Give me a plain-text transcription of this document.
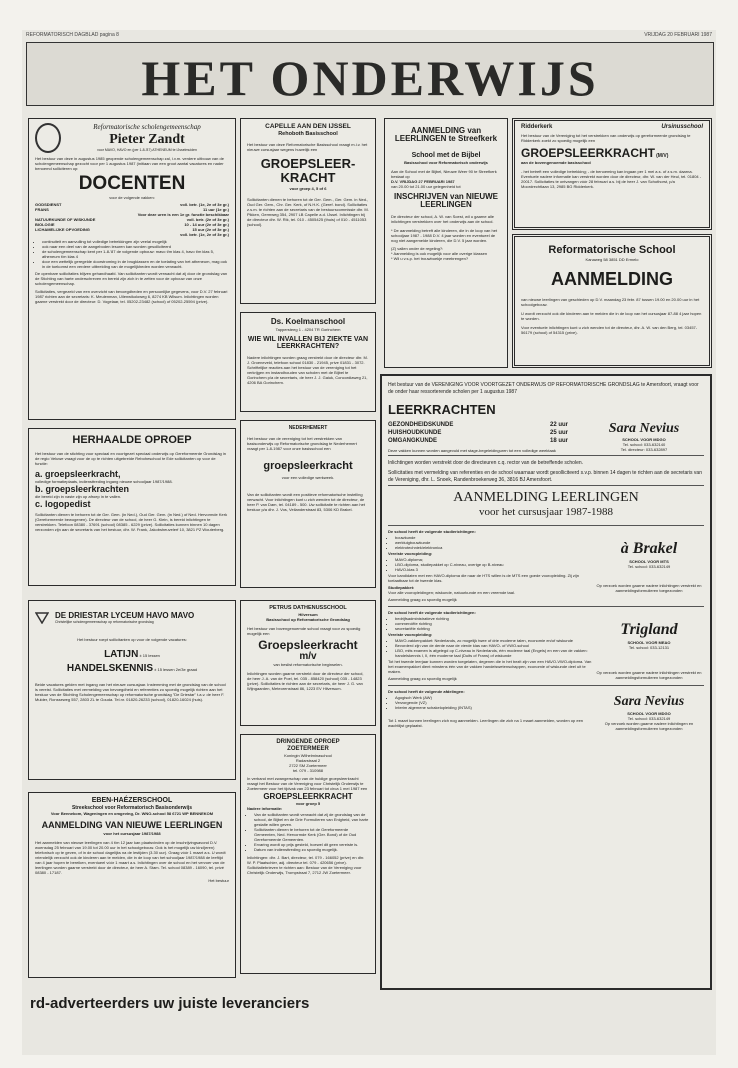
REFORMATORISCH DAGBLAD pagina 8	VRIJDAG 20 FEBRUARI 1987
HET ONDERWIJS
Reformatorische scholengemeenschap
Pieter Zandt
voor MAVO, HAVO en (per 1-8-'87) ATHENEUM te IJsselmuiden
Het bestuur van deze in augustus 1985 geopende scholengemeenschap zal, i.v.m. verdere uitbouw van de scholengemeenschap gezocht voor per 1 augustus 1987 (initiaan van een groot aantal vacatures en nader benoemd solliciteren op:
DOCENTEN
voor de volgende vakken:
GODSDIENST	voll. betr. (1e, 2e of 3e gr.)
FRANS	11 uur (1e gr.)
Voor deze uren is een 1e gr. functie beschikbaar
NATUURKUNDE OF WISKUNDE	voll. betr. (2e of 3e gr.)
BIOLOGIE	10 - 14 uur (2e of 3e gr.)
LICHAMELIJKE OPVOEDING	15 uur (2e of 3e gr.)
voll. betr. (1e, 2e of 3e gr.)
• continuiteit en aanvulling tot volledige betrekkingen zijn veelal mogelijk
• ook naar een deel van de aangeboden lesuren kan worden gesolliciteerd
• de scholengemeenschap kent per 1-8-'87 de volgende opbouw: mavo t/m klas 4, havo t/m klas 5, atheneum t/m klas 4
• door een wettelijk geregelde doorstroming in de brugklassen en de toelating van het atheneum, mag ook in de toekomst een verdere uitbreiding van de mogelijkheden worden verwacht.
De openbare sollicitaties blijven gehandhaafd. Van sollicitanten wordt verwacht dat zij door de grondslag van de Stichting van harte onderschreven en bereid zijn zich in te zetten voor de opbouw van onze scholengemeenschap.
Sollicitaties, vergezeld van een overzicht van bevoegdheden en persoonlijke gegevens, voor D.V. 27 februari 1987 richten aan de secretaris: K. Meulenman, Uilenwikoloweg 6, 8274 KB Wilsum. Inlichtingen worden gaarne verstrekt door de directeur: D. Vogelaar, tel. 05202-23482 (school) of 05202-25594 (prive).
HERHAALDE OPROEP
Het bestuur van de stichting voor speciaal en voortgezet speciaal onderwijs op Gereformeerde Grondslag in de regio Veluwe vraagt voor de op te richten uitgebreide Reboheschool te Ede sollicitanten op voor de functie:
a. groepsleerkracht,
volledige formatieplaats, indiensttreding ingang nieuwe schooljaar 1987/1988.
b. groepsleerkrachten
die bereid zijn in vaste zijn op afroep in te vallen.
c. logopedist
Sollicitanten dienen te behoren tot de Ger. Gem. (in Ned.), Oud Ger. Gem. (in Ned.) of Ned. Hervormde Kerk (Gereformeerde bewogenen). De directeur van de school, de heer G. Klein, is bereid inlichtingen te verstrekken. Telefoon 08380 - 37691 (school) 08385 - 6229 (prive). Sollicitaties kunnen binnen 10 dagen verzonden zijn aan de secretaris van het bestuur, dhr. W. Frank, Jakobsheuvelerf 10, 3821 PZ Wouterberg.
DE DRIESTAR LYCEUM HAVO MAVO
Christelijke scholengemeenschap op reformatorische grondslag
Het bestuur roept sollicitanten op voor de volgende vacatures:
LATIJN ± 15 lessen
HANDELSKENNIS ± 15 lessen 2e/3e graad
Beide vacatures gelden met ingang van het nieuwe cursusjaar. Instemming met de grondslag van de school is vereist. Sollicitaties met vermelding van bevoegdheid en referenties zo spoedig mogelijk richten aan het bestuur van de Stichting Scholengemeenschap op reformatorische grondslag "De Driestar" t.a.v. de heer F. Mulder, Ronsseweg 557, 2803 ZL te Gouda. Tel.nr. 01820-26233 (school), 01820-16024 (huis).
EBEN-HAÉZERSCHOOL
Streekschool voor Reformatorisch Basisonderwijs
Voor Bennekom, Wageningen en omgeving, Dr. WNO-school 58 6721 WP BENNEKOM
AANMELDING VAN NIEUWE LEERLINGEN
voor het cursusjaar 1987/1988
Het aanmelden van nieuwe leerlingen van 4 t/m 12 jaar kan plaatsvinden op de inschrijvingsavond D.V. woensdag 25 februari van 19.00 tot 20.00 uur in het schoolgebouw. Ook is het mogelijk uw kind(eren) telefonisch op te geven, of in de school dagelijks na de lestijden (3.30 uur). Graag vóór 1 maart a.s. U wordt vriendelijk verzocht ook de kinderen aan te melden, die in de loop van het schooljaar 1987/1988 de leeftijd van 4 jaar hopen te bereiken, eventueel vóór 1 maart a.s. Inlichtingen over de school en het vervoer van de leerlingen worden gaarne verstrekt door de directeur, de heer A. Stam. Tel. school 08389 - 16090, tel. privé 08380 - 17187.
Het bestuur
CAPELLE AAN DEN IJSSEL
Rehoboth Basisschool
Het bestuur van deze Reformatorische Basisschool vraagt m.i.v. het nieuwe cursusjaar wegens huwelijk een
GROEPSLEER-KRACHT
voor groep 4, 5 of 6
Sollicitanten dienen te behoren tot de Ger. Gem., Ger. Gem. in Ned., Oud Ger. Gem., Chr. Ger. Kerk, of N.H.K. (Geref. bond). Sollicitaties z.s.m. te richten aan de secretaris van de bestuurscommissie dhr. M. Pikken, Germweg 354, 2907 LB Capelle a.d. IJssel. Inlichtingen bij de directeur dhr. W. Rik, tel. 010 - 4505425 (thuis) of 010 - 4511053 (school).
Ds. Koelmanschool
Tappersteeg 1 - 4204 TR Gorinchem
WIE WIL INVALLEN BIJ ZIEKTE VAN LEERKRACHTEN?
Nadere inlichtingen worden graag verstrekt door de directeur dhr. M. J. Groeneveld, telefoon school 01830 - 21945, prive 01831 - 3072. Schriftelijke reacties aan het bestuur van de vereniging tot het verkrijgen en instandhouden van scholen met de Bijbel te Gorinchem p/a de secretaris, de heer J. J. Gaiuk, Concordiaweg 21, 4206 BA Gorinchem.
NEDERHEMERT
Het bestuur van de vereniging tot het verstrekken van basisonderwijs op Reformatorische grondslag te Nederhemert vraagt per 1-8-1987 voor onze basisschool een
groepsleerkracht
voor een volledige werkweek.
Van de sollicitanten wordt een positieve reformatorische instelling verwacht. Voor inlichtingen kunt u zich wenden tot de directeur, de heer P. van Dam, tel. 04189 - 500. Uw sollicitatie te richten aan het bestuur p/a dhr. J. Vos, Veilanderstraat 83, 5306 KD Brakel.
PETRUS DATHENUSSCHOOL
Hilversum
Basisschool op Reformatorische Grondslag
Het bestuur van bovengenoemde school vraagt voor zo spoedig mogelijk een
Groepsleerkracht
m/v
van beslist reformatorische beginselen.
Inlichtingen worden gaarne verstrekt door de directeur der school, de heer J. A. van de Poel, tel. 035 - 858420 (school) 035 - 14823 (prive). Sollicitaties te richten aan de secretaris, de heer J. G. van Wijngaarden, Meteorenstraat 86, 1223 EV Hilversum.
DRINGENDE OPROEP
ZOETERMEER
Koningin Wilhelminaschool
Radarstraat 2
2722 SM Zoetermeer
tel. 079 - 310988
In verband met zwangerschap van de huidige groepsleerkracht vraagt het Bestuur van de Vereniging voor Christelijk Onderwijs te Zoetermeer voor het tijdvak van 23 februari tot circa 1 mei 1987 een
GROEPSLEERKRACHT
voor groep 5
Nadere informatie:
• Van de sollicitanten wordt verwacht dat zij de grondslag van de school, de Bijbel en de Drie Formulieren van Enigheid, van harte gestalte willen geven.
• Sollicitanten dienen te behoren tot de Gereformeerde Gemeenten, Ned. Hervormde Kerk (Ger. Bond) of de Oud Gereformeerde Gemeenten.
• Ervaring wordt op prijs gesteld, hoewel dit geen vereiste is.
• Datum van indiensttreding zo spoedig mogelijk.
Inlichtingen: dhr. J. Bart, directeur, tel. 079 - 166052 (prive) en dhr. W. P. Plaatschier, adj. directeur tel. 079 - 420656 (prive). Sollicitatiebrieven te richten aan: Bestuur van de Vereniging voor Christelijk Onderwijs, Trompstraat 7, 2712 JW Zoetermeer.
AANMELDING van LEERLINGEN te Streefkerk
School met de Bijbel
Basisschool voor Reformatorisch onderwijs
Aan de School met de Bijbel, Nieuwe Weer 90 te Streefkerk bestaat op
D.V. VRIJDAG 27 FEBRUARI 1987
van 20.00 tot 21.00 uur gelegenheid tot
INSCHRIJVEN van NIEUWE LEERLINGEN
De directeur der school, A. W. van Soest, wil u gaarne alle inlichtingen verstrekken over het onderwijs aan de school.
* De aanmelding betreft alle kinderen, die in de loop van het schooljaar 1987 - 1988 D.V. 4 jaar worden en eventueel de nog niet aangemelde kinderen, die D.V. 5 jaar worden.
(Z) vallen onder de regeling?:
* Aanmelding is ook mogelijk voor alle overige klassen
* Wil u v.s.p. het trouwboekje meebrengen?
Ridderkerk	Ursinusschool
Het bestuur van de Vereniging tot het verstrekken van onderwijs op gereformeerde grondslag te Ridderkerk zoekt zo spoedig mogelijk een
GROEPSLEERKRACHT (M/V)
aan de bovengenoemde basisschool
- het betreft een volledige betrekking; - de benoeming kan ingaan per 1 mei a.s. of z.s.m. daarna. Eventuele nadere informatie kan verstrekt worden door de directeur, dhr. W. van der Heul, tel. 01804 - 20017. Sollicitaties te ontvangen vóór 28 februari a.s. bij de heer J. van Schothorst, p/a Moordrechtlaan 13, 2985 BG Ridderkerk.
Reformatorische School
Kanaweg 58 3851 DD Ermelo
AANMELDING
van nieuwe leerlingen van geschieden op D.V. maandag 23 febr. 87 tussen 19.00 en 20.00 uur in het schoolgebouw.
U wordt verzocht ook die kinderen aan te melden die in de loop van het cursusjaar 87-88 4 jaar hopen te worden.
Voor eventuele inlichtingen kunt u zich wenden tot de directeur, dhr. A. W. van den Berg, tel. 03457-56179 (school) of 54315 (prive).
Het bestuur van de VERENIGING VOOR VOORTGEZET ONDERWIJS OP REFORMATORISCHE GRONDSLAG te Amersfoort, vraagt voor de onder haar ressorterende scholen per 1 augustus 1987
LEERKRACHTEN
GEZONDHEIDSKUNDE	22 uur
HUISHOUDKUNDE	25 uur
OMGANGKUNDE	18 uur
Deze vakken kunnen worden aangevuld met stage-begeleidinguren tot een volledige weektaak
Sara Nevius
SCHOOL VOOR MDGO
Tel. school: 033-632140
Tel. directeur: 033-632897
Inlichtingen worden verstrekt door de directeuren c.q. rector van de betreffende scholen.
Sollicitaties met vermelding van referenties en de school waarnaar wordt gesolliciteerd s.v.p. binnen 14 dagen te richten aan de secretaris van de Vereniging, dhr. L. Snoek, Randenbroekerweg 36, 3816 BJ Amersfoort.
AANMELDING LEERLINGEN
voor het cursusjaar 1987-1988
De school heeft de volgende studierichtingen:
• bouwkunde
• werktuigbouwkunde
• elektrotechniek/elektronica
Vereiste vooropleiding:
• MAVO-diploma;
• LBO-diploma, studiepakket op C-niveau, overige op B-niveau
• HAVO-klas 3
Voor kandidaten met een HAVO-diploma die naar de HTS willen is de MTS een goede vooropleiding. Zij zijn toelaatbaar tot de tweede klas.
Studiepakket:
Voor alle vooropleidingen; wiskunde, natuurkunde en een vreemde taal.
Aanmelding graag zo spoedig mogelijk
à Brakel
SCHOOL VOOR MTS
Tel. school: 033-632149
Op verzoek worden gaarne nadere inlichtingen verstrekt en aanmeldingsformulieren toegezonden
De school heeft de volgende studierichtingen:
• bedrijfsadministratieve richting
• commerciële richting
• secretariële richting
Vereiste vooropleiding:
• MAVO-vakkenpakket: Nederlands, zo mogelijk twee of drie moderne talen, economie en/of wiskunde
• Bevorderd zijn van de derde naar de vierde klas van HAVO- of VWO-school
• LBO, mits examen is afgelegd op C-niveau in Nederlands, één moderne taal (Engels) en een van de vakken: handelskennis I, II, één moderne taal (Duits of Frans) of wiskunde
Tot het tweede leerjaar kunnen worden toegelaten, degenen die in het bezit zijn van een HAVO-VWO-diploma. Van het examenpakket dient minstens één van de vakken handelswetenschappen, economie of wiskunde deel uit te maken.
Aanmelding graag zo spoedig mogelijk
Trigland
SCHOOL VOOR MEAO
Tel. school: 033-12131
Op verzoek worden gaarne nadere inlichtingen verstrekt en aanmeldingsformulieren toegezonden
De school heeft de volgende afdelingen:
• Agogisch Werk (AW)
• Verzorgende (VZ)
• Interim algemene schakelopleiding (INTAS)
Tot 1 maart kunnen leerlingen zich nog aanmelden. Leerlingen die zich na 1 maart aanmelden, worden op een wachtlijst geplaatst.
Sara Nevius
SCHOOL VOOR MDGO
Tel. school: 033-632149
Op verzoek worden gaarne nadere inlichtingen en aanmeldingsformulieren toegezonden
rd-adverteerders uw juiste leveranciers
